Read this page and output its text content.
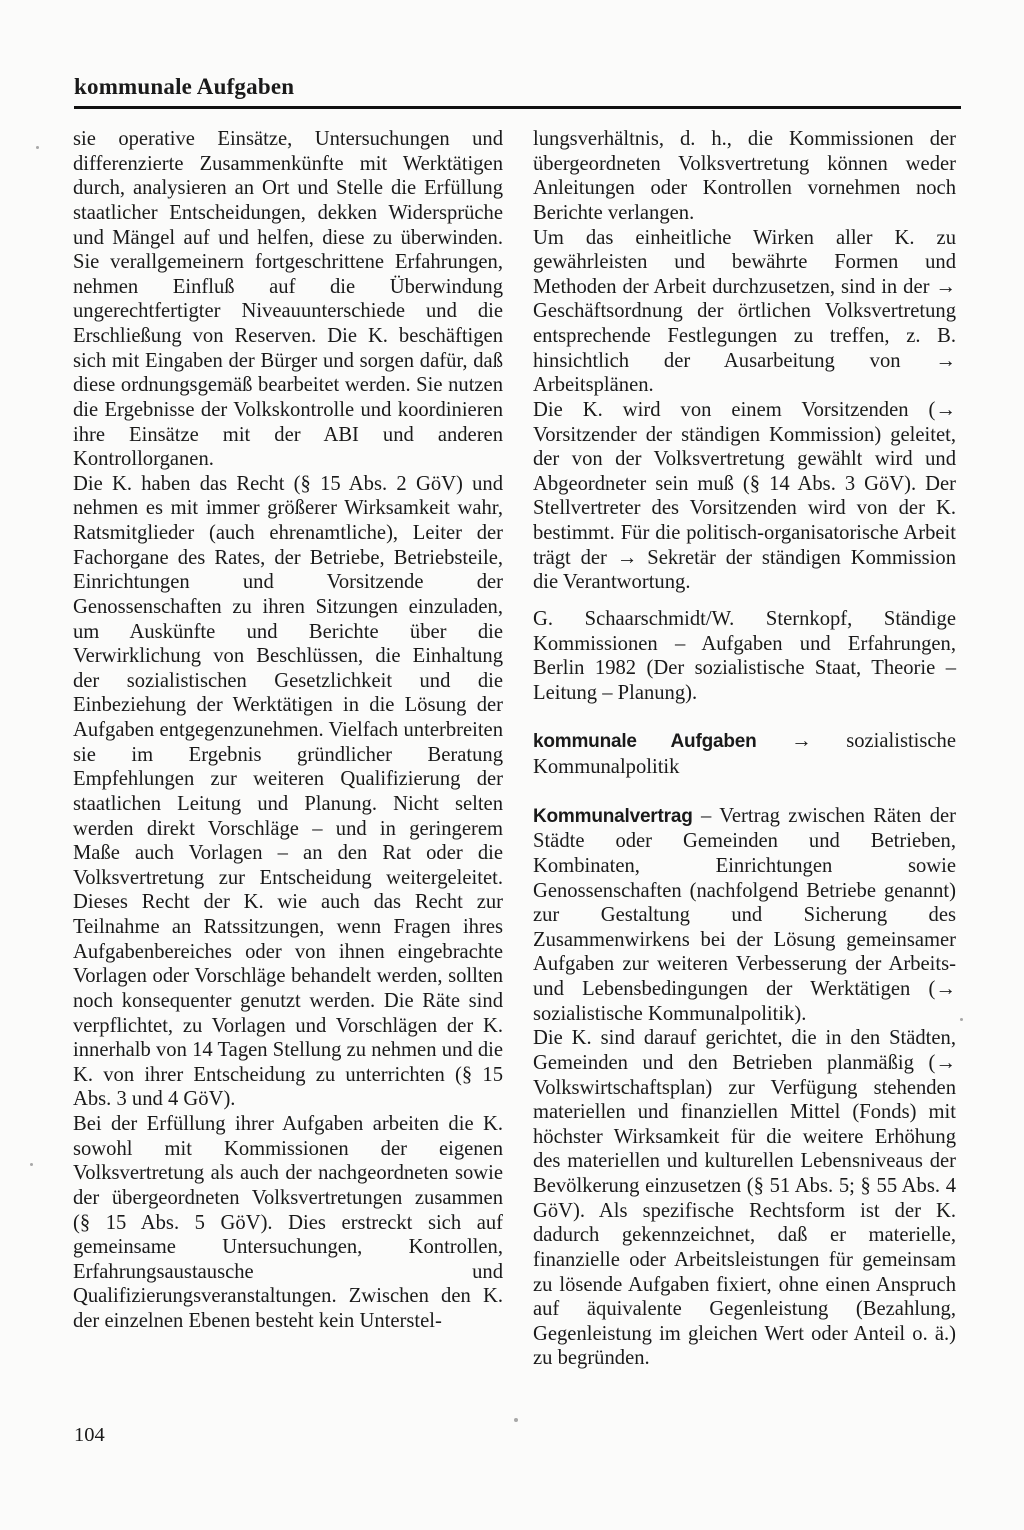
kommunale Aufgaben

sie operative Einsätze, Untersuchungen und differenzierte Zusammenkünfte mit Werktätigen durch, analysieren an Ort und Stelle die Erfüllung staatlicher Entscheidungen, dekken Widersprüche und Mängel auf und helfen, diese zu überwinden. Sie verallgemeinern fortgeschrittene Erfahrungen, nehmen Einfluß auf die Überwindung ungerechtfertigter Niveauunterschiede und die Erschließung von Reserven. Die K. beschäftigen sich mit Eingaben der Bürger und sorgen dafür, daß diese ordnungsgemäß bearbeitet werden. Sie nutzen die Ergebnisse der Volkskontrolle und koordinieren ihre Einsätze mit der ABI und anderen Kontrollorganen.

Die K. haben das Recht (§ 15 Abs. 2 GöV) und nehmen es mit immer größerer Wirksamkeit wahr, Ratsmitglieder (auch ehrenamtliche), Leiter der Fachorgane des Rates, der Betriebe, Betriebsteile, Einrichtungen und Vorsitzende der Genossenschaften zu ihren Sitzungen einzuladen, um Auskünfte und Berichte über die Verwirklichung von Beschlüssen, die Einhaltung der sozialistischen Gesetzlichkeit und die Einbeziehung der Werktätigen in die Lösung der Aufgaben entgegenzunehmen. Vielfach unterbreiten sie im Ergebnis gründlicher Beratung Empfehlungen zur weiteren Qualifizierung der staatlichen Leitung und Planung. Nicht selten werden direkt Vorschläge – und in geringerem Maße auch Vorlagen – an den Rat oder die Volksvertretung zur Entscheidung weitergeleitet. Dieses Recht der K. wie auch das Recht zur Teilnahme an Ratssitzungen, wenn Fragen ihres Aufgabenbereiches oder von ihnen eingebrachte Vorlagen oder Vorschläge behandelt werden, sollten noch konsequenter genutzt werden. Die Räte sind verpflichtet, zu Vorlagen und Vorschlägen der K. innerhalb von 14 Tagen Stellung zu nehmen und die K. von ihrer Entscheidung zu unterrichten (§ 15 Abs. 3 und 4 GöV).

Bei der Erfüllung ihrer Aufgaben arbeiten die K. sowohl mit Kommissionen der eigenen Volksvertretung als auch der nachgeordneten sowie der übergeordneten Volksvertretungen zusammen (§ 15 Abs. 5 GöV). Dies erstreckt sich auf gemeinsame Untersuchungen, Kontrollen, Erfahrungsaustausche und Qualifizierungsveranstaltungen. Zwischen den K. der einzelnen Ebenen besteht kein Unterstel-

lungsverhältnis, d. h., die Kommissionen der übergeordneten Volksvertretung können weder Anleitungen oder Kontrollen vornehmen noch Berichte verlangen.

Um das einheitliche Wirken aller K. zu gewährleisten und bewährte Formen und Methoden der Arbeit durchzusetzen, sind in der → Geschäftsordnung der örtlichen Volksvertretung entsprechende Festlegungen zu treffen, z. B. hinsichtlich der Ausarbeitung von → Arbeitsplänen.

Die K. wird von einem Vorsitzenden (→ Vorsitzender der ständigen Kommission) geleitet, der von der Volksvertretung gewählt wird und Abgeordneter sein muß (§ 14 Abs. 3 GöV). Der Stellvertreter des Vorsitzenden wird von der K. bestimmt. Für die politisch-organisatorische Arbeit trägt der → Sekretär der ständigen Kommission die Verantwortung.

G. Schaarschmidt/W. Sternkopf, Ständige Kommissionen – Aufgaben und Erfahrungen, Berlin 1982 (Der sozialistische Staat, Theorie – Leitung – Planung).

kommunale Aufgaben → sozialistische Kommunalpolitik

Kommunalvertrag – Vertrag zwischen Räten der Städte oder Gemeinden und Betrieben, Kombinaten, Einrichtungen sowie Genossenschaften (nachfolgend Betriebe genannt) zur Gestaltung und Sicherung des Zusammenwirkens bei der Lösung gemeinsamer Aufgaben zur weiteren Verbesserung der Arbeits- und Lebensbedingungen der Werktätigen (→ sozialistische Kommunalpolitik).

Die K. sind darauf gerichtet, die in den Städten, Gemeinden und den Betrieben planmäßig (→ Volkswirtschaftsplan) zur Verfügung stehenden materiellen und finanziellen Mittel (Fonds) mit höchster Wirksamkeit für die weitere Erhöhung des materiellen und kulturellen Lebensniveaus der Bevölkerung einzusetzen (§ 51 Abs. 5; § 55 Abs. 4 GöV). Als spezifische Rechtsform ist der K. dadurch gekennzeichnet, daß er materielle, finanzielle oder Arbeitsleistungen für gemeinsam zu lösende Aufgaben fixiert, ohne einen Anspruch auf äquivalente Gegenleistung (Bezahlung, Gegenleistung im gleichen Wert oder Anteil o. ä.) zu begründen.

104
